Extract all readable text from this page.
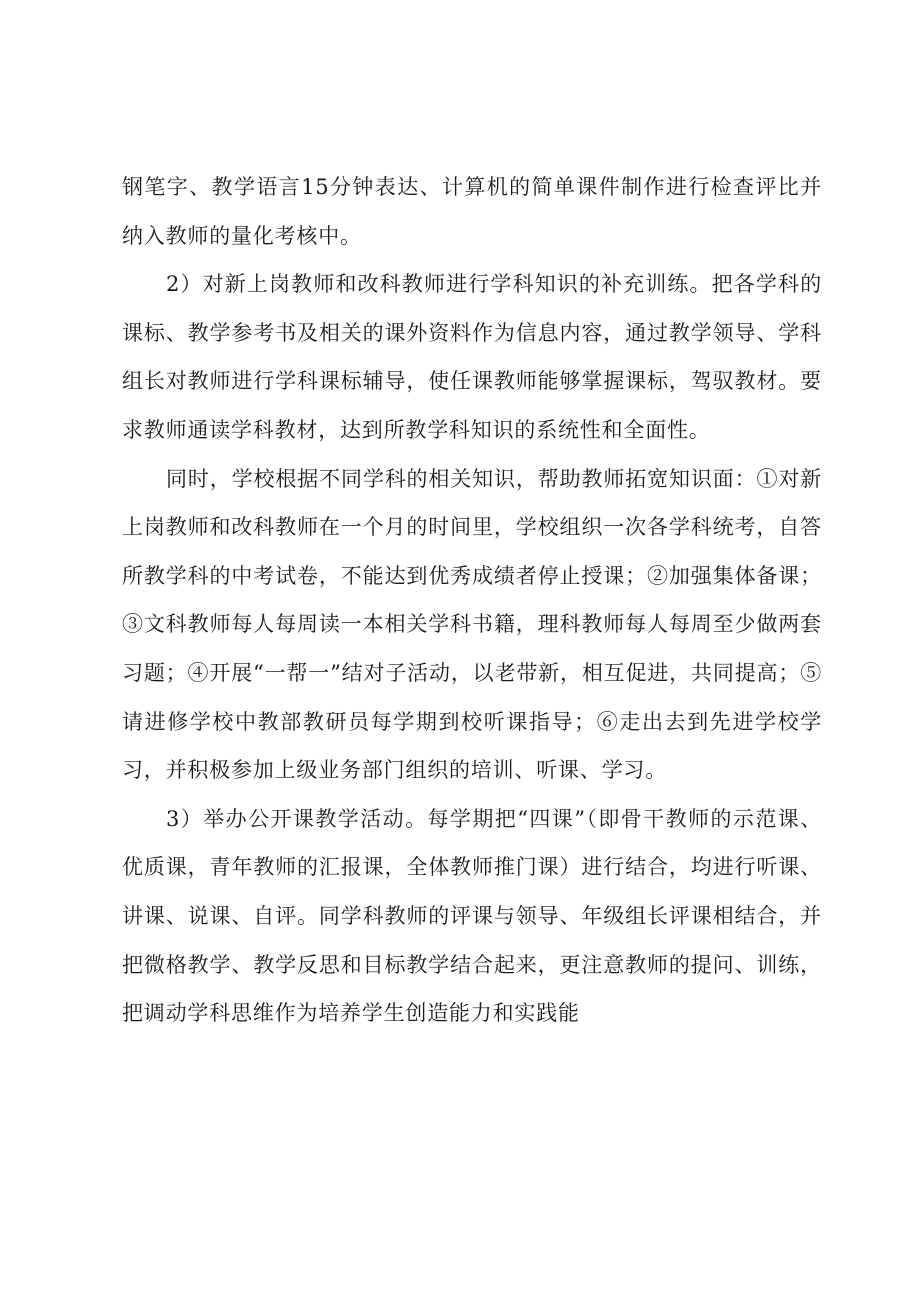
钢笔字、教学语言15分钟表达、计算机的简单课件制作进行检查评比并纳入教师的量化考核中。

2）对新上岗教师和改科教师进行学科知识的补充训练。把各学科的课标、教学参考书及相关的课外资料作为信息内容，通过教学领导、学科组长对教师进行学科课标辅导，使任课教师能够掌握课标，驾驭教材。要求教师通读学科教材，达到所教学科知识的系统性和全面性。

同时，学校根据不同学科的相关知识，帮助教师拓宽知识面：①对新上岗教师和改科教师在一个月的时间里，学校组织一次各学科统考，自答所教学科的中考试卷，不能达到优秀成绩者停止授课；②加强集体备课；③文科教师每人每周读一本相关学科书籍，理科教师每人每周至少做两套习题；④开展“一帮一”结对子活动，以老带新，相互促进，共同提高；⑤请进修学校中教部教研员每学期到校听课指导；⑥走出去到先进学校学习，并积极参加上级业务部门组织的培训、听课、学习。

3）举办公开课教学活动。每学期把“四课”（即骨干教师的示范课、优质课，青年教师的汇报课，全体教师推门课）进行结合，均进行听课、讲课、说课、自评。同学科教师的评课与领导、年级组长评课相结合，并把微格教学、教学反思和目标教学结合起来，更注意教师的提问、训练，把调动学科思维作为培养学生创造能力和实践能
